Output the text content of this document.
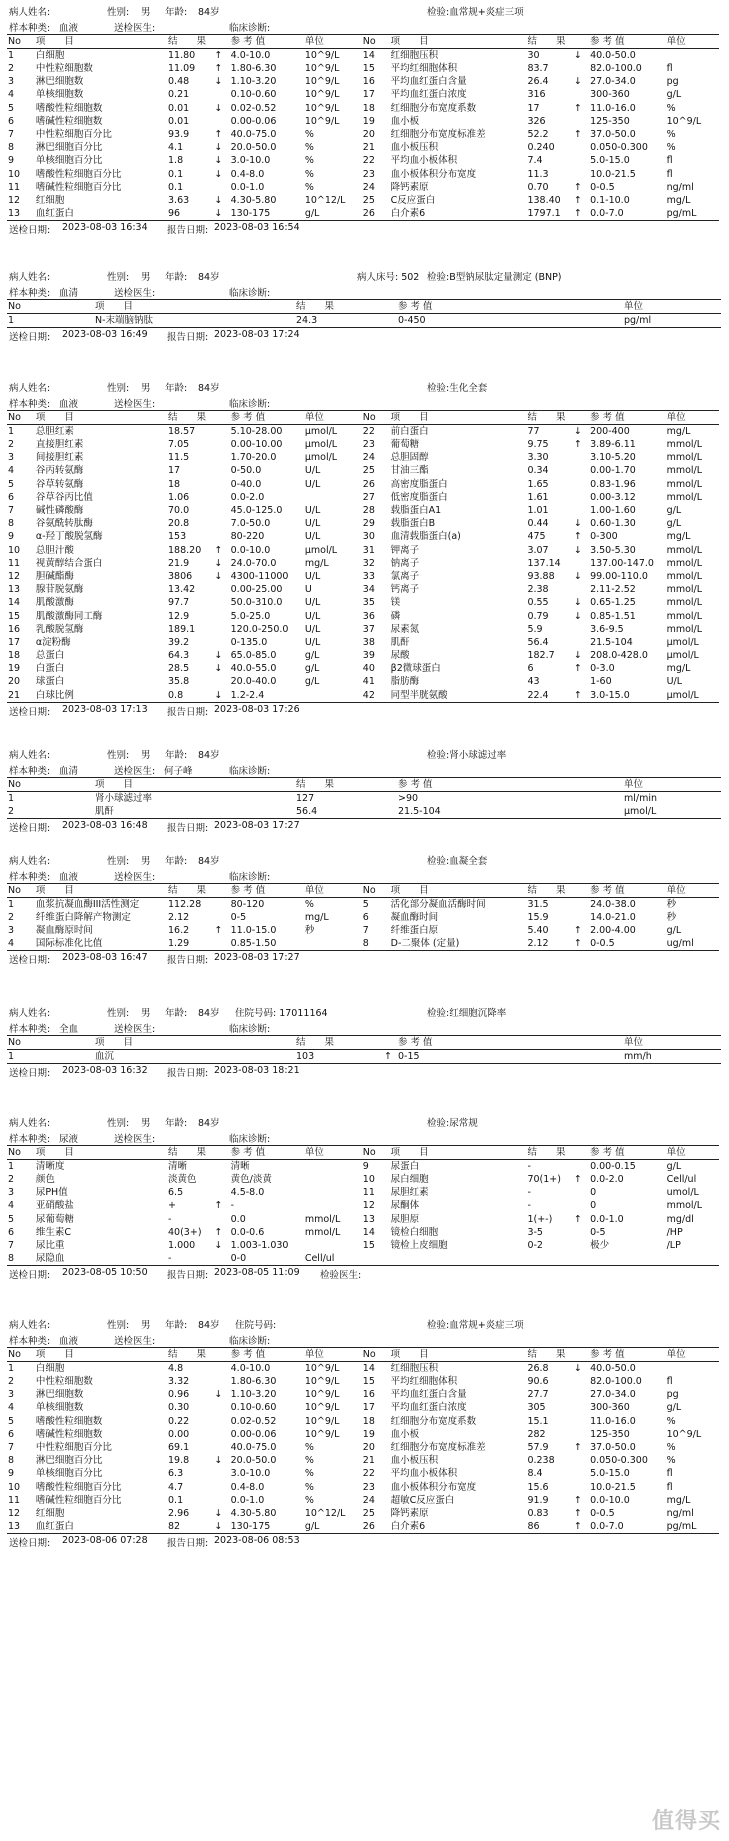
病人姓名:	性别: 男 年龄: 84岁	检验:血常规+炎症三项
样本种类: 血液	送检医生:	临床诊断:
No	项　　目	结　　果		参 考 值	单位	No	项　　目	结　　果		参 考 值	单位
1	白细胞	11.80	↑	4.0-10.0	10^9/L	14	红细胞压积	30	↓	40.0-50.0	
2	中性粒细胞数	11.09	↑	1.80-6.30	10^9/L	15	平均红细胞体积	83.7		82.0-100.0	fl
3	淋巴细胞数	0.48	↓	1.10-3.20	10^9/L	16	平均血红蛋白含量	26.4	↓	27.0-34.0	pg
4	单核细胞数	0.21		0.10-0.60	10^9/L	17	平均血红蛋白浓度	316		300-360	g/L
5	嗜酸性粒细胞数	0.01	↓	0.02-0.52	10^9/L	18	红细胞分布宽度系数	17	↑	11.0-16.0	%
6	嗜碱性粒细胞数	0.01		0.00-0.06	10^9/L	19	血小板	326		125-350	10^9/L
7	中性粒细胞百分比	93.9	↑	40.0-75.0	%	20	红细胞分布宽度标准差	52.2	↑	37.0-50.0	%
8	淋巴细胞百分比	4.1	↓	20.0-50.0	%	21	血小板压积	0.240		0.050-0.300	%
9	单核细胞百分比	1.8	↓	3.0-10.0	%	22	平均血小板体积	7.4		5.0-15.0	fl
10	嗜酸性粒细胞百分比	0.1	↓	0.4-8.0	%	23	血小板体积分布宽度	11.3		10.0-21.5	fl
11	嗜碱性粒细胞百分比	0.1		0.0-1.0	%	24	降钙素原	0.70	↑	0-0.5	ng/ml
12	红细胞	3.63	↓	4.30-5.80	10^12/L	25	C反应蛋白	138.40	↑	0.1-10.0	mg/L
13	血红蛋白	96	↓	130-175	g/L	26	白介素6	1797.1	↑	0.0-7.0	pg/mL
送检日期: 2023-08-03 16:34 报告日期: 2023-08-03 16:54
病人姓名:	性别: 男 年龄: 84岁	病人床号: 502 检验:B型钠尿肽定量测定 (BNP)
样本种类: 血清	送检医生:	临床诊断:
No	项　　目	结　　果		参 考 值	单位
1	N-末端脑钠肽	24.3		0-450	pg/ml
送检日期: 2023-08-03 16:49 报告日期: 2023-08-03 17:24
病人姓名:	性别: 男 年龄: 84岁	检验:生化全套
样本种类: 血液	送检医生:	临床诊断:
No	项　　目	结　　果		参 考 值	单位	No	项　　目	结　　果		参 考 值	单位
1	总胆红素	18.57		5.10-28.00	μmol/L	22	前白蛋白	77	↓	200-400	mg/L
2	直接胆红素	7.05		0.00-10.00	μmol/L	23	葡萄糖	9.75	↑	3.89-6.11	mmol/L
3	间接胆红素	11.5		1.70-20.0	μmol/L	24	总胆固醇	3.30		3.10-5.20	mmol/L
4	谷丙转氨酶	17		0-50.0	U/L	25	甘油三酯	0.34		0.00-1.70	mmol/L
5	谷草转氨酶	18		0-40.0	U/L	26	高密度脂蛋白	1.65		0.83-1.96	mmol/L
6	谷草谷丙比值	1.06		0.0-2.0		27	低密度脂蛋白	1.61		0.00-3.12	mmol/L
7	碱性磷酸酶	70.0		45.0-125.0	U/L	28	载脂蛋白A1	1.01		1.00-1.60	g/L
8	谷氨酰转肽酶	20.8		7.0-50.0	U/L	29	载脂蛋白B	0.44	↓	0.60-1.30	g/L
9	α-羟丁酸脱氢酶	153		80-220	U/L	30	血清载脂蛋白(a)	475	↑	0-300	mg/L
10	总胆汁酸	188.20	↑	0.0-10.0	μmol/L	31	钾离子	3.07	↓	3.50-5.30	mmol/L
11	视黄醇结合蛋白	21.9	↓	24.0-70.0	mg/L	32	钠离子	137.14		137.00-147.0	mmol/L
12	胆碱酯酶	3806	↓	4300-11000	U/L	33	氯离子	93.88	↓	99.00-110.0	mmol/L
13	腺苷脱氨酶	13.42		0.00-25.00	U	34	钙离子	2.38		2.11-2.52	mmol/L
14	肌酸激酶	97.7		50.0-310.0	U/L	35	镁	0.55	↓	0.65-1.25	mmol/L
15	肌酸激酶同工酶	12.9		5.0-25.0	U/L	36	磷	0.79	↓	0.85-1.51	mmol/L
16	乳酸脱氢酶	189.1		120.0-250.0	U/L	37	尿素氮	5.9		3.6-9.5	mmol/L
17	α淀粉酶	39.2		0-135.0	U/L	38	肌酐	56.4		21.5-104	μmol/L
18	总蛋白	64.3	↓	65.0-85.0	g/L	39	尿酸	182.7	↓	208.0-428.0	μmol/L
19	白蛋白	28.5	↓	40.0-55.0	g/L	40	β2微球蛋白	6	↑	0-3.0	mg/L
20	球蛋白	35.8		20.0-40.0	g/L	41	脂肪酶	43		1-60	U/L
21	白球比例	0.8	↓	1.2-2.4		42	同型半胱氨酸	22.4	↑	3.0-15.0	μmol/L
送检日期: 2023-08-03 17:13 报告日期: 2023-08-03 17:26
病人姓名:	性别: 男 年龄: 84岁	检验:肾小球滤过率
样本种类: 血清	送检医生: 何子峰	临床诊断:
No	项　　目	结　　果		参 考 值	单位
1	肾小球滤过率	127		>90	ml/min
2	肌酐	56.4		21.5-104	μmol/L
送检日期: 2023-08-03 16:48 报告日期: 2023-08-03 17:27
病人姓名:	性别: 男 年龄: 84岁	检验:血凝全套
样本种类: 血液	送检医生:	临床诊断:
No	项　　目	结　　果		参 考 值	单位	No	项　　目	结　　果		参 考 值	单位
1	血浆抗凝血酶III活性测定	112.28		80-120	%	5	活化部分凝血活酶时间	31.5		24.0-38.0	秒
2	纤维蛋白降解产物测定	2.12		0-5	mg/L	6	凝血酶时间	15.9		14.0-21.0	秒
3	凝血酶原时间	16.2	↑	11.0-15.0	秒	7	纤维蛋白原	5.40	↑	2.00-4.00	g/L
4	国际标准化比值	1.29		0.85-1.50		8	D-二聚体 (定量)	2.12	↑	0-0.5	ug/ml
送检日期: 2023-08-03 16:47 报告日期: 2023-08-03 17:27
病人姓名:	性别: 男 年龄: 84岁 住院号码: 17011164	检验:红细胞沉降率
样本种类: 全血	送检医生:	临床诊断:
No	项　　目	结　　果		参 考 值	单位
1	血沉	103	↑	0-15	mm/h
送检日期: 2023-08-03 16:32 报告日期: 2023-08-03 18:21
病人姓名:	性别: 男 年龄: 84岁	检验:尿常规
样本种类: 尿液	送检医生:	临床诊断:
No	项　　目	结　　果		参 考 值	单位	No	项　　目	结　　果		参 考 值	单位
1	清晰度	清晰		清晰		9	尿蛋白	-		0.00-0.15	g/L
2	颜色	淡黄色		黄色/淡黄		10	尿白细胞	70(1+)	↑	0.0-2.0	Cell/ul
3	尿PH值	6.5		4.5-8.0		11	尿胆红素	-		0	umol/L
4	亚硝酸盐	+	↑	-		12	尿酮体	-		0	mmol/L
5	尿葡萄糖	-		0.0	mmol/L	13	尿胆原	1(+-)	↑	0.0-1.0	mg/dl
6	维生素C	40(3+)	↑	0.0-0.6	mmol/L	14	镜检白细胞	3-5		0-5	/HP
7	尿比重	1.000	↓	1.003-1.030		15	镜检上皮细胞	0-2		极少	/LP
8	尿隐血	-		0-0	Cell/ul						
送检日期: 2023-08-05 10:50 报告日期: 2023-08-05 11:09 检验医生:
病人姓名:	性别: 男 年龄: 84岁 住院号码:	检验:血常规+炎症三项
样本种类: 血液	送检医生:	临床诊断:
No	项　　目	结　　果		参 考 值	单位	No	项　　目	结　　果		参 考 值	单位
1	白细胞	4.8		4.0-10.0	10^9/L	14	红细胞压积	26.8	↓	40.0-50.0	
2	中性粒细胞数	3.32		1.80-6.30	10^9/L	15	平均红细胞体积	90.6		82.0-100.0	fl
3	淋巴细胞数	0.96	↓	1.10-3.20	10^9/L	16	平均血红蛋白含量	27.7		27.0-34.0	pg
4	单核细胞数	0.30		0.10-0.60	10^9/L	17	平均血红蛋白浓度	305		300-360	g/L
5	嗜酸性粒细胞数	0.22		0.02-0.52	10^9/L	18	红细胞分布宽度系数	15.1		11.0-16.0	%
6	嗜碱性粒细胞数	0.00		0.00-0.06	10^9/L	19	血小板	282		125-350	10^9/L
7	中性粒细胞百分比	69.1		40.0-75.0	%	20	红细胞分布宽度标准差	57.9	↑	37.0-50.0	%
8	淋巴细胞百分比	19.8	↓	20.0-50.0	%	21	血小板压积	0.238		0.050-0.300	%
9	单核细胞百分比	6.3		3.0-10.0	%	22	平均血小板体积	8.4		5.0-15.0	fl
10	嗜酸性粒细胞百分比	4.7		0.4-8.0	%	23	血小板体积分布宽度	15.6		10.0-21.5	fl
11	嗜碱性粒细胞百分比	0.1		0.0-1.0	%	24	超敏C反应蛋白	91.9	↑	0.0-10.0	mg/L
12	红细胞	2.96	↓	4.30-5.80	10^12/L	25	降钙素原	0.83	↑	0-0.5	ng/ml
13	血红蛋白	82	↓	130-175	g/L	26	白介素6	86	↑	0.0-7.0	pg/mL
送检日期: 2023-08-06 07:28 报告日期: 2023-08-06 08:53
值得买
